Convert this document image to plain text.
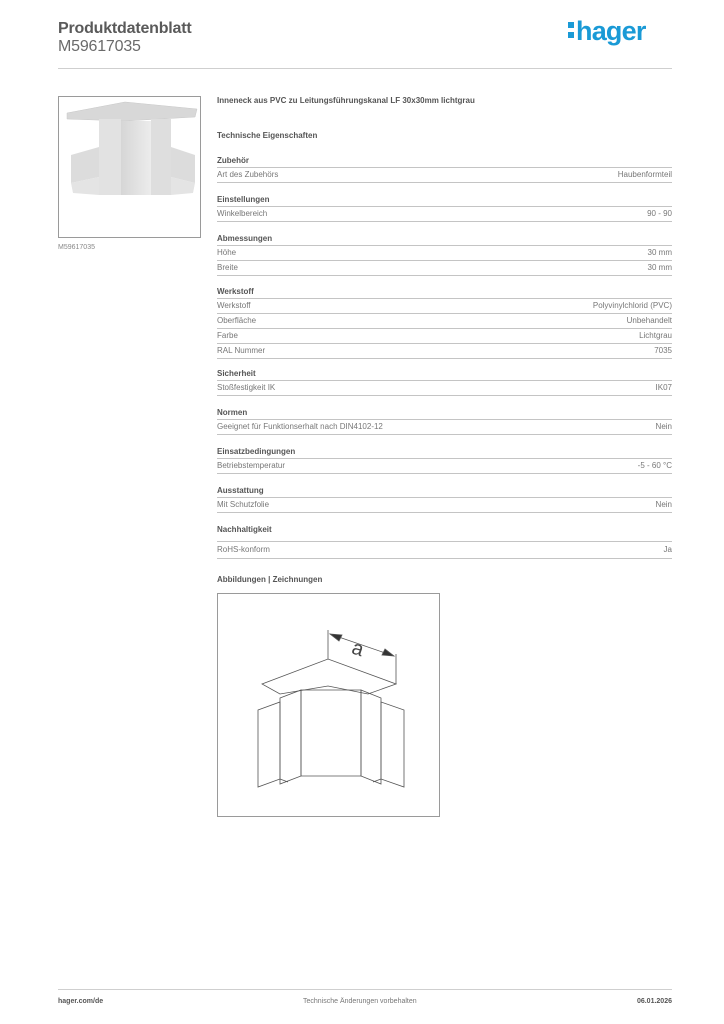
Produktdatenblatt
M59617035
hager
M59617035
Inneneck aus PVC zu Leitungsführungskanal LF 30x30mm lichtgrau
Technische Eigenschaften
Zubehör
Art des Zubehörs	Haubenformteil
Einstellungen
Winkelbereich	90 - 90
Abmessungen
Höhe	30 mm
Breite	30 mm
Werkstoff
Werkstoff	Polyvinylchlorid (PVC)
Oberfläche	Unbehandelt
Farbe	Lichtgrau
RAL Nummer	7035
Sicherheit
Stoßfestigkeit IK	IK07
Normen
Geeignet für Funktionserhalt nach DIN4102-12	Nein
Einsatzbedingungen
Betriebstemperatur	-5 - 60 °C
Ausstattung
Mit Schutzfolie	Nein
Nachhaltigkeit
RoHS-konform	Ja
Abbildungen | Zeichnungen
a
hager.com/de	Technische Änderungen vorbehalten	06.01.2026
